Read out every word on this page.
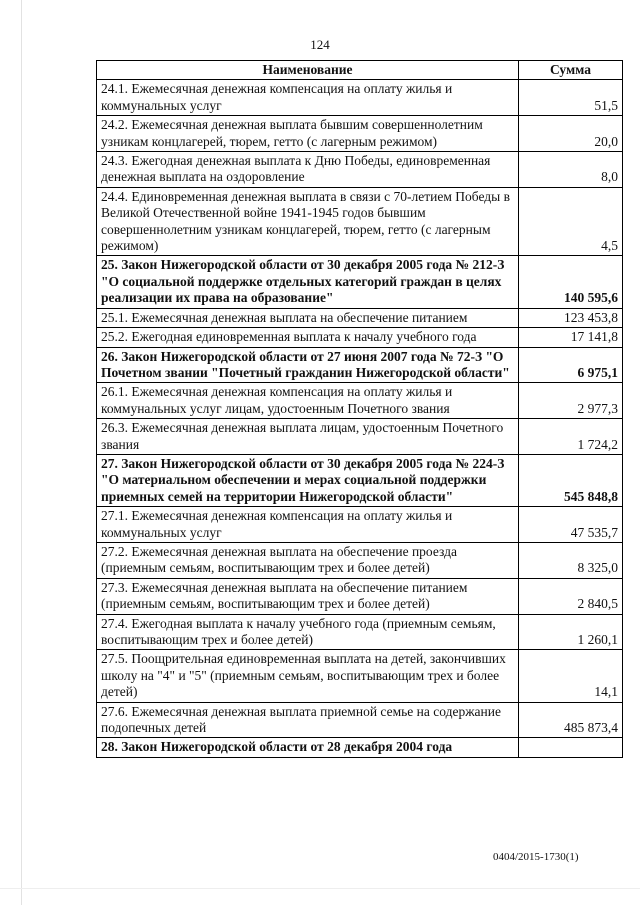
124
Наименование	Сумма
24.1. Ежемесячная денежная компенсация на оплату жилья и коммунальных услуг	51,5
24.2. Ежемесячная денежная выплата бывшим совершеннолетним узникам концлагерей, тюрем, гетто (с лагерным режимом)	20,0
24.3. Ежегодная денежная выплата к Дню Победы, единовременная денежная выплата на оздоровление	8,0
24.4. Единовременная денежная выплата в связи с 70-летием Победы в Великой Отечественной войне 1941-1945 годов бывшим совершеннолетним узникам концлагерей, тюрем, гетто (с лагерным режимом)	4,5
25. Закон Нижегородской области от 30 декабря 2005 года № 212-З "О социальной поддержке отдельных категорий граждан в целях реализации их права на образование"	140 595,6
25.1. Ежемесячная денежная выплата на обеспечение питанием	123 453,8
25.2. Ежегодная единовременная выплата к началу учебного года	17 141,8
26. Закон Нижегородской области от 27 июня 2007 года № 72-З "О Почетном звании "Почетный гражданин Нижегородской области"	6 975,1
26.1. Ежемесячная денежная компенсация на оплату жилья и коммунальных услуг лицам, удостоенным Почетного звания	2 977,3
26.3. Ежемесячная денежная выплата лицам, удостоенным Почетного звания	1 724,2
27. Закон Нижегородской области от 30 декабря 2005 года № 224-З "О материальном обеспечении и мерах социальной поддержки приемных семей на территории Нижегородской области"	545 848,8
27.1. Ежемесячная денежная компенсация на оплату жилья и коммунальных услуг	47 535,7
27.2. Ежемесячная денежная выплата на обеспечение проезда (приемным семьям, воспитывающим трех и более детей)	8 325,0
27.3. Ежемесячная денежная выплата на обеспечение питанием (приемным семьям, воспитывающим трех и более детей)	2 840,5
27.4. Ежегодная выплата к началу учебного года (приемным семьям, воспитывающим трех и более детей)	1 260,1
27.5. Поощрительная единовременная выплата на детей, закончивших школу на "4" и "5" (приемным семьям, воспитывающим трех и более детей)	14,1
27.6. Ежемесячная денежная выплата приемной семье на содержание подопечных детей	485 873,4
28. Закон Нижегородской области от 28 декабря 2004 года	
0404/2015-1730(1)
